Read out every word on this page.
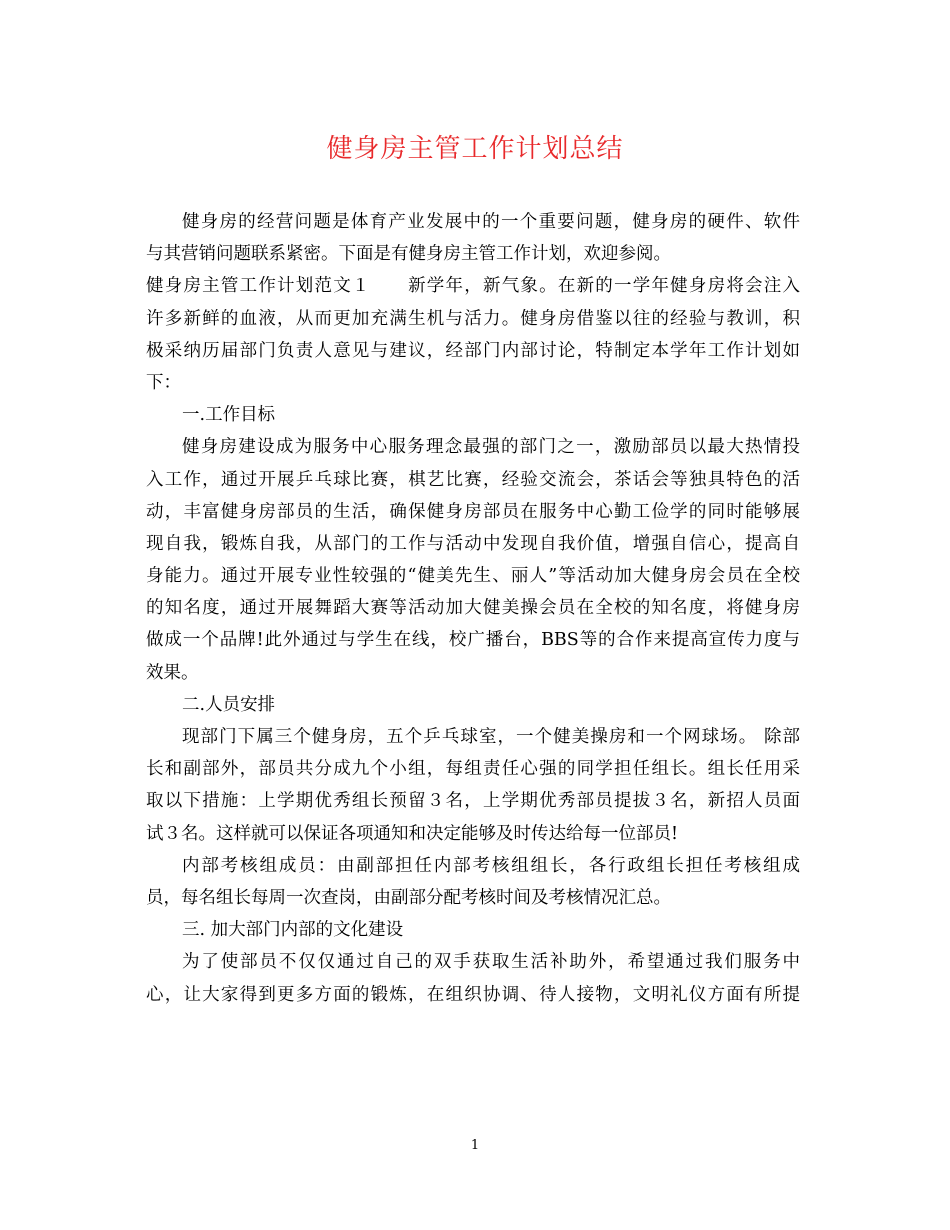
健身房主管工作计划总结
健身房的经营问题是体育产业发展中的一个重要问题，健身房的硬件、软件
与其营销问题联系紧密。下面是有健身房主管工作计划，欢迎参阅。
健身房主管工作计划范文１　　新学年，新气象。在新的一学年健身房将会注入
许多新鲜的血液，从而更加充满生机与活力。健身房借鉴以往的经验与教训，积
极采纳历届部门负责人意见与建议，经部门内部讨论，特制定本学年工作计划如
下：
一.工作目标
健身房建设成为服务中心服务理念最强的部门之一，激励部员以最大热情投
入工作，通过开展乒乓球比赛，棋艺比赛，经验交流会，茶话会等独具特色的活
动，丰富健身房部员的生活，确保健身房部员在服务中心勤工俭学的同时能够展
现自我，锻炼自我，从部门的工作与活动中发现自我价值，增强自信心，提高自
身能力。通过开展专业性较强的“健美先生、丽人”等活动加大健身房会员在全校
的知名度，通过开展舞蹈大赛等活动加大健美操会员在全校的知名度，将健身房
做成一个品牌!此外通过与学生在线，校广播台，BBS等的合作来提高宣传力度与
效果。
二.人员安排
现部门下属三个健身房，五个乒乓球室，一个健美操房和一个网球场。 除部
长和副部外，部员共分成九个小组，每组责任心强的同学担任组长。组长任用采
取以下措施：上学期优秀组长预留３名，上学期优秀部员提拔３名，新招人员面
试３名。这样就可以保证各项通知和决定能够及时传达给每一位部员!
内部考核组成员：由副部担任内部考核组组长，各行政组长担任考核组成
员，每名组长每周一次查岗，由副部分配考核时间及考核情况汇总。
三. 加大部门内部的文化建设
为了使部员不仅仅通过自己的双手获取生活补助外，希望通过我们服务中
心，让大家得到更多方面的锻炼，在组织协调、待人接物，文明礼仪方面有所提
1
